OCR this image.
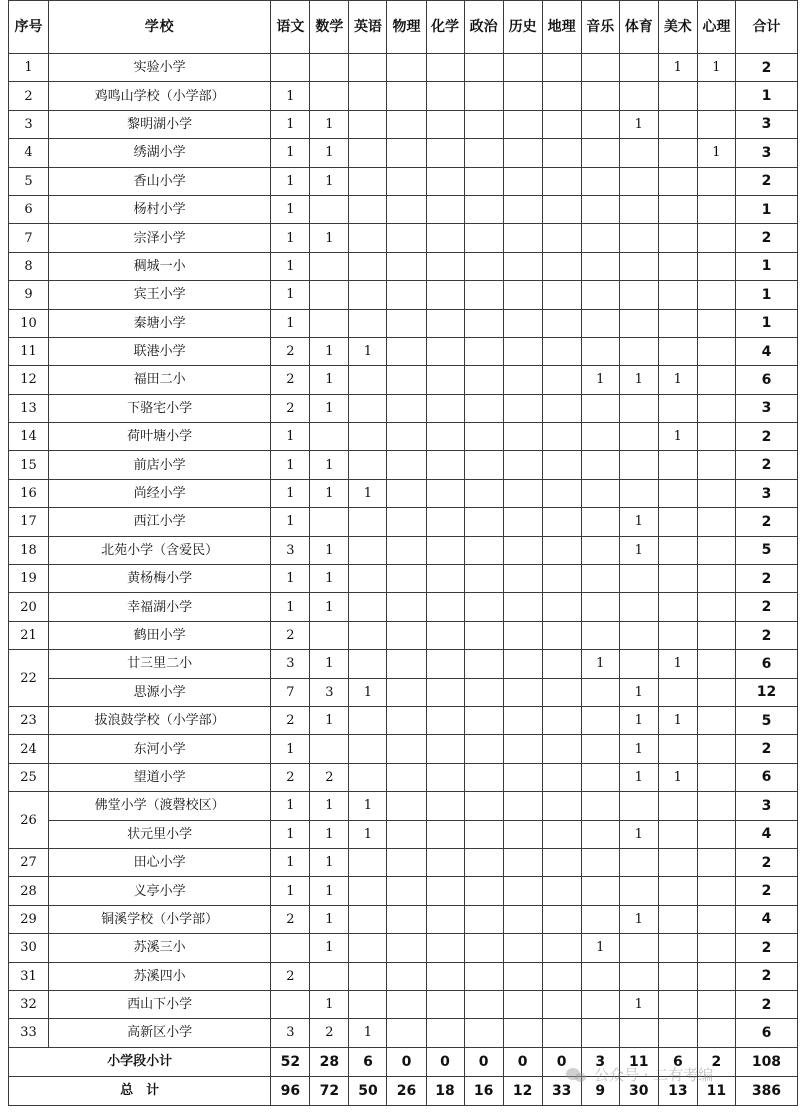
序号	学校	语文	数学	英语	物理	化学	政治	历史	地理	音乐	体育	美术	心理	合计
1	实验小学											1	1	2
2	鸡鸣山学校（小学部）	1												1
3	黎明湖小学	1	1								1			3
4	绣湖小学	1	1										1	3
5	香山小学	1	1											2
6	杨村小学	1												1
7	宗泽小学	1	1											2
8	稠城一小	1												1
9	宾王小学	1												1
10	秦塘小学	1												1
11	联港小学	2	1	1										4
12	福田二小	2	1							1	1	1		6
13	下骆宅小学	2	1											3
14	荷叶塘小学	1										1		2
15	前店小学	1	1											2
16	尚经小学	1	1	1										3
17	西江小学	1									1			2
18	北苑小学（含爱民）	3	1								1			5
19	黄杨梅小学	1	1											2
20	幸福湖小学	1	1											2
21	鹤田小学	2												2
22	廿三里二小	3	1							1		1		6
	思源小学	7	3	1							1			12
23	拔浪鼓学校（小学部）	2	1								1	1		5
24	东河小学	1									1			2
25	望道小学	2	2								1	1		6
26	佛堂小学（渡磬校区）	1	1	1										3
	状元里小学	1	1	1							1			4
27	田心小学	1	1											2
28	义亭小学	1	1											2
29	铜溪学校（小学部）	2	1								1			4
30	苏溪三小		1							1				2
31	苏溪四小	2												2
32	西山下小学		1								1			2
33	高新区小学	3	2	1										6
小学段小计		52	28	6	0	0	0	0	0	3	11	6	2	108
总　计		96	72	50	26	18	16	12	33	9	30	13	11	386
公众号 · 二有考编
